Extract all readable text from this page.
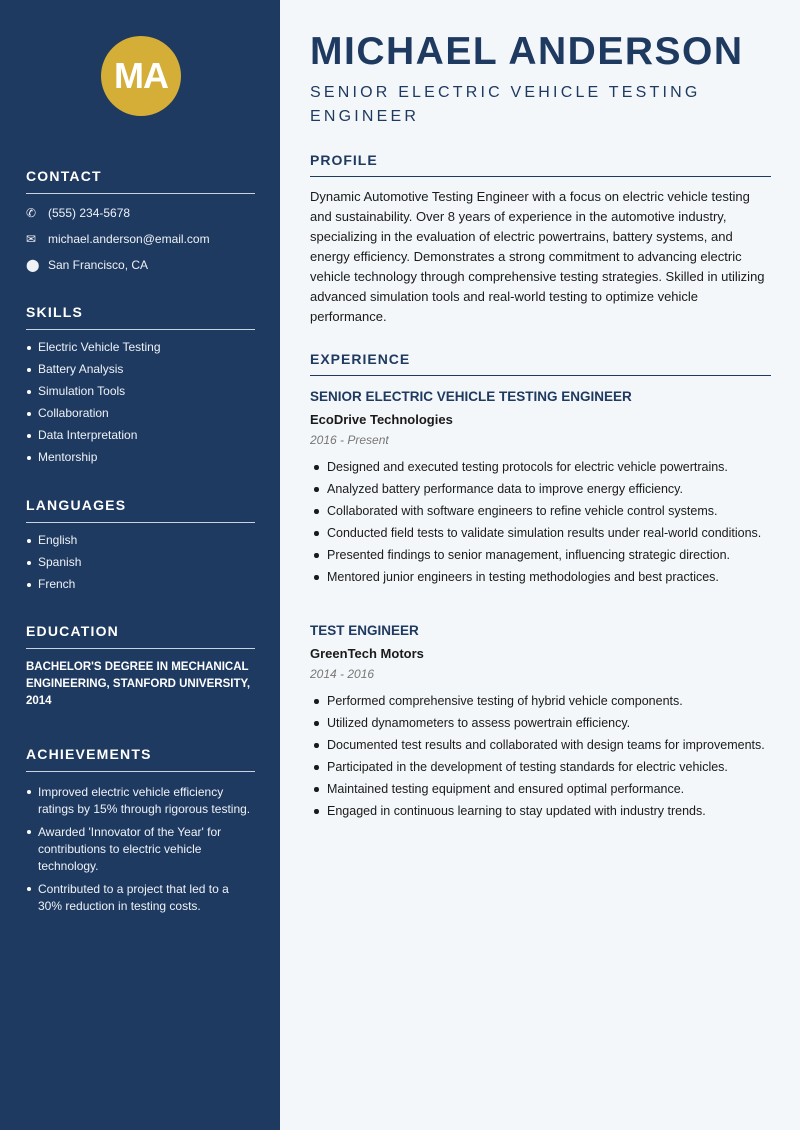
MA
CONTACT
✆ (555) 234-5678
✉ michael.anderson@email.com
⬤ San Francisco, CA
SKILLS
Electric Vehicle Testing
Battery Analysis
Simulation Tools
Collaboration
Data Interpretation
Mentorship
LANGUAGES
English
Spanish
French
EDUCATION
BACHELOR'S DEGREE IN MECHANICAL ENGINEERING, STANFORD UNIVERSITY, 2014
ACHIEVEMENTS
Improved electric vehicle efficiency ratings by 15% through rigorous testing.
Awarded 'Innovator of the Year' for contributions to electric vehicle technology.
Contributed to a project that led to a 30% reduction in testing costs.
MICHAEL ANDERSON
SENIOR ELECTRIC VEHICLE TESTING ENGINEER
PROFILE
Dynamic Automotive Testing Engineer with a focus on electric vehicle testing and sustainability. Over 8 years of experience in the automotive industry, specializing in the evaluation of electric powertrains, battery systems, and energy efficiency. Demonstrates a strong commitment to advancing electric vehicle technology through comprehensive testing strategies. Skilled in utilizing advanced simulation tools and real-world testing to optimize vehicle performance.
EXPERIENCE
SENIOR ELECTRIC VEHICLE TESTING ENGINEER
EcoDrive Technologies
2016 - Present
Designed and executed testing protocols for electric vehicle powertrains.
Analyzed battery performance data to improve energy efficiency.
Collaborated with software engineers to refine vehicle control systems.
Conducted field tests to validate simulation results under real-world conditions.
Presented findings to senior management, influencing strategic direction.
Mentored junior engineers in testing methodologies and best practices.
TEST ENGINEER
GreenTech Motors
2014 - 2016
Performed comprehensive testing of hybrid vehicle components.
Utilized dynamometers to assess powertrain efficiency.
Documented test results and collaborated with design teams for improvements.
Participated in the development of testing standards for electric vehicles.
Maintained testing equipment and ensured optimal performance.
Engaged in continuous learning to stay updated with industry trends.
